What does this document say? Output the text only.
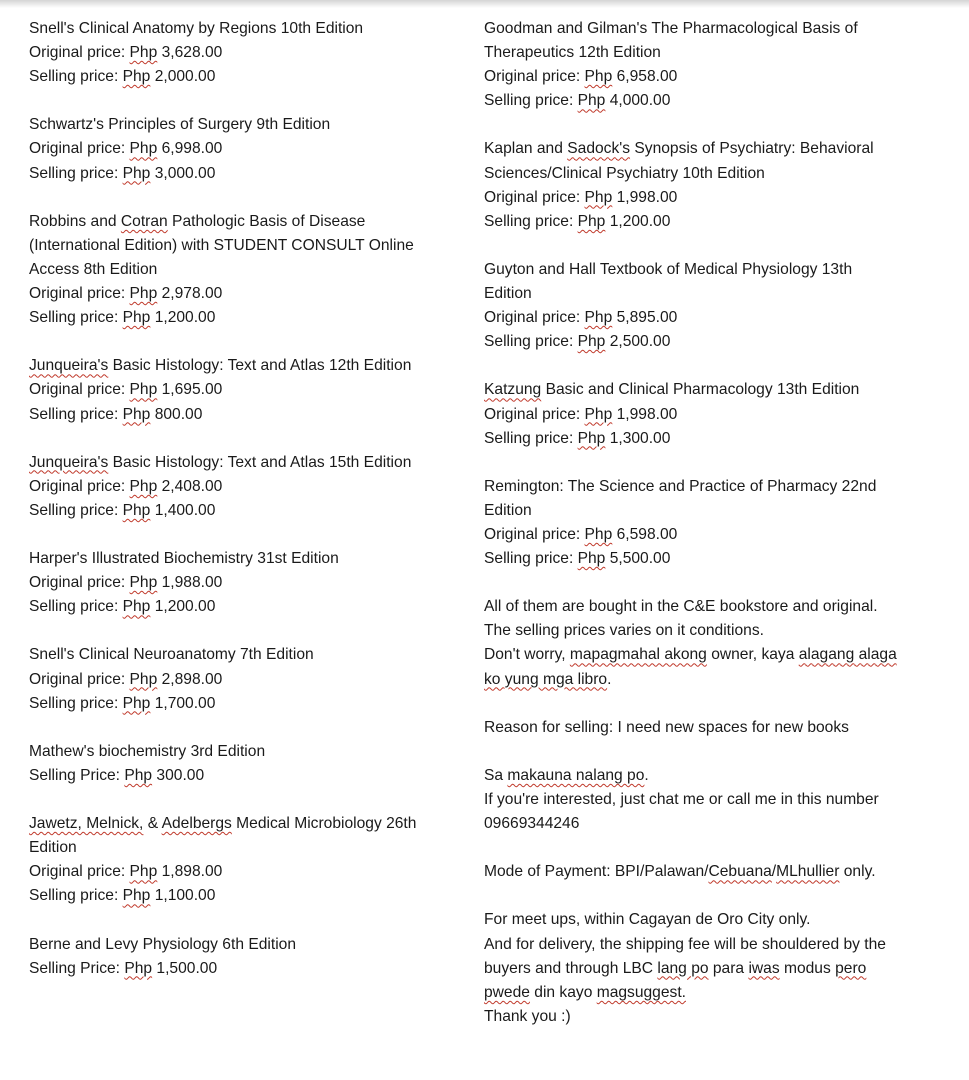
Snell's Clinical Anatomy by Regions 10th Edition
Original price: Php 3,628.00
Selling price: Php 2,000.00
Schwartz's Principles of Surgery 9th Edition
Original price: Php 6,998.00
Selling price: Php 3,000.00
Robbins and Cotran Pathologic Basis of Disease
(International Edition) with STUDENT CONSULT Online
Access 8th Edition
Original price: Php 2,978.00
Selling price: Php 1,200.00
Junqueira's Basic Histology: Text and Atlas 12th Edition
Original price: Php 1,695.00
Selling price: Php 800.00
Junqueira's Basic Histology: Text and Atlas 15th Edition
Original price: Php 2,408.00
Selling price: Php 1,400.00
Harper's Illustrated Biochemistry 31st Edition
Original price: Php 1,988.00
Selling price: Php 1,200.00
Snell's Clinical Neuroanatomy 7th Edition
Original price: Php 2,898.00
Selling price: Php 1,700.00
Mathew's biochemistry 3rd Edition
Selling Price: Php 300.00
Jawetz, Melnick, & Adelbergs Medical Microbiology 26th
Edition
Original price: Php 1,898.00
Selling price: Php 1,100.00
Berne and Levy Physiology 6th Edition
Selling Price: Php 1,500.00
Goodman and Gilman's The Pharmacological Basis of
Therapeutics 12th Edition
Original price: Php 6,958.00
Selling price: Php 4,000.00
Kaplan and Sadock's Synopsis of Psychiatry: Behavioral
Sciences/Clinical Psychiatry 10th Edition
Original price: Php 1,998.00
Selling price: Php 1,200.00
Guyton and Hall Textbook of Medical Physiology 13th
Edition
Original price: Php 5,895.00
Selling price: Php 2,500.00
Katzung Basic and Clinical Pharmacology 13th Edition
Original price: Php 1,998.00
Selling price: Php 1,300.00
Remington: The Science and Practice of Pharmacy 22nd
Edition
Original price: Php 6,598.00
Selling price: Php 5,500.00
All of them are bought in the C&E bookstore and original.
The selling prices varies on it conditions.
Don't worry, mapagmahal akong owner, kaya alagang alaga
ko yung mga libro.
Reason for selling: I need new spaces for new books
Sa makauna nalang po.
If you're interested, just chat me or call me in this number
09669344246
Mode of Payment: BPI/Palawan/Cebuana/MLhullier only.
For meet ups, within Cagayan de Oro City only.
And for delivery, the shipping fee will be shouldered by the
buyers and through LBC lang po para iwas modus pero
pwede din kayo magsuggest.
Thank you :)
